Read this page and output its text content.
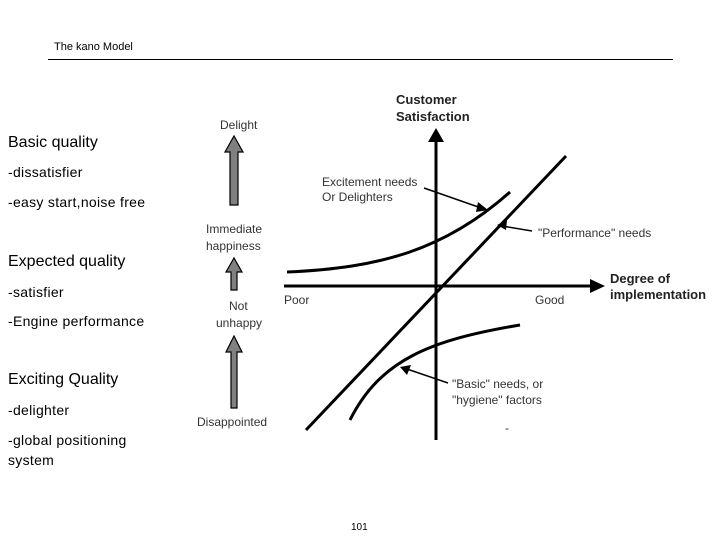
The kano Model
Basic quality
-dissatisfier
-easy start,noise free
Expected quality
-satisfier
-Engine performance
Exciting Quality
-delighter
-global positioning
system
Delight
Immediate
happiness
Not
unhappy
Disappointed
Customer
Satisfaction
Degree of
implementation
Poor	Good
Excitement needs
Or Delighters
"Performance" needs
"Basic" needs, or
"hygiene" factors
-
101
